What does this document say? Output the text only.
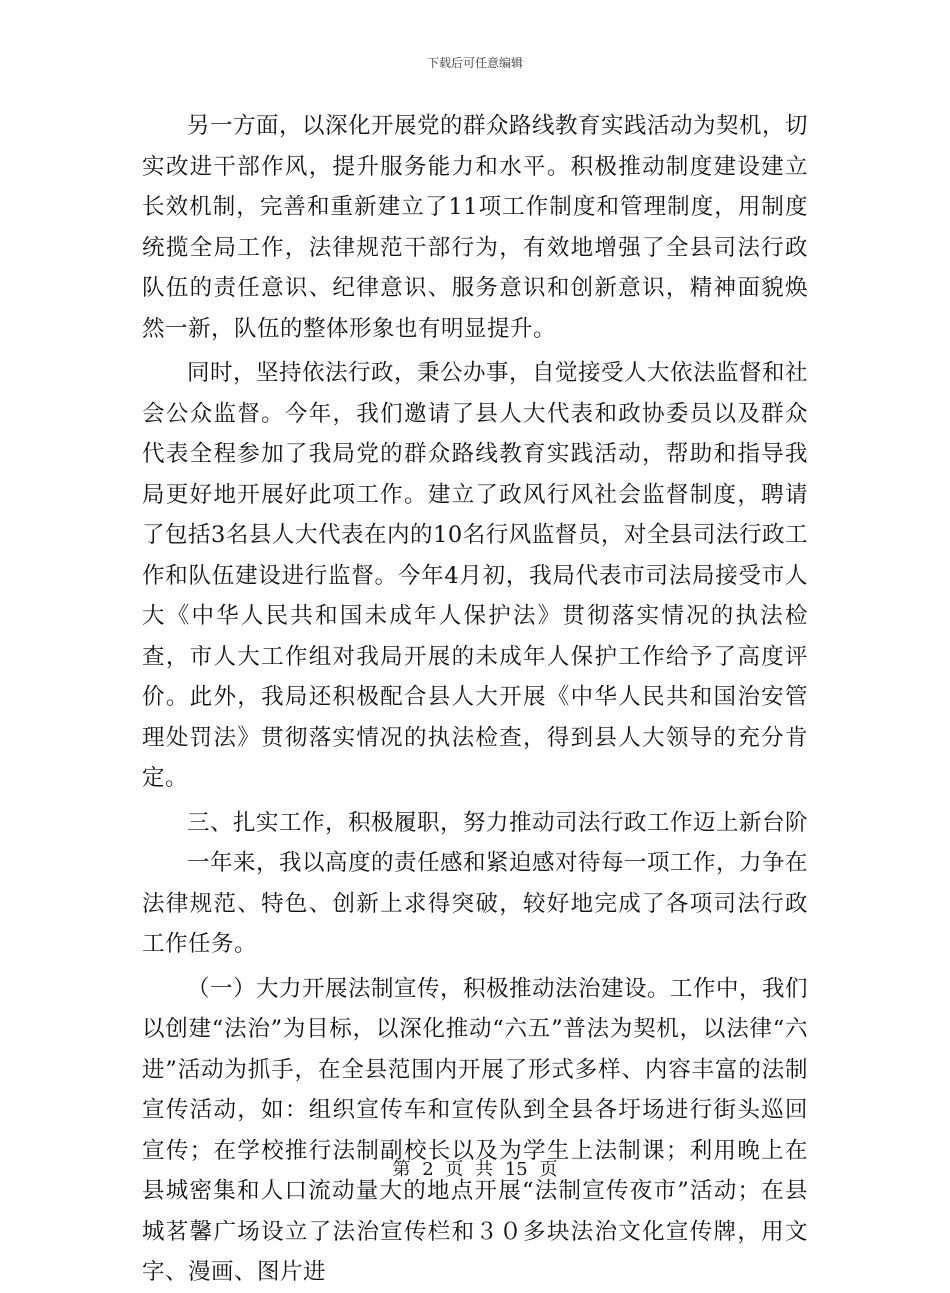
下载后可任意编辑

另一方面，以深化开展党的群众路线教育实践活动为契机，切实改进干部作风，提升服务能力和水平。积极推动制度建设建立长效机制，完善和重新建立了11项工作制度和管理制度，用制度统揽全局工作，法律规范干部行为，有效地增强了全县司法行政队伍的责任意识、纪律意识、服务意识和创新意识，精神面貌焕然一新，队伍的整体形象也有明显提升。

同时，坚持依法行政，秉公办事，自觉接受人大依法监督和社会公众监督。今年，我们邀请了县人大代表和政协委员以及群众代表全程参加了我局党的群众路线教育实践活动，帮助和指导我局更好地开展好此项工作。建立了政风行风社会监督制度，聘请了包括3名县人大代表在内的10名行风监督员，对全县司法行政工作和队伍建设进行监督。今年4月初，我局代表市司法局接受市人大《中华人民共和国未成年人保护法》贯彻落实情况的执法检查，市人大工作组对我局开展的未成年人保护工作给予了高度评价。此外，我局还积极配合县人大开展《中华人民共和国治安管理处罚法》贯彻落实情况的执法检查，得到县人大领导的充分肯定。

三、扎实工作，积极履职，努力推动司法行政工作迈上新台阶

一年来，我以高度的责任感和紧迫感对待每一项工作，力争在法律规范、特色、创新上求得突破，较好地完成了各项司法行政工作任务。

（一）大力开展法制宣传，积极推动法治建设。工作中，我们以创建“法治”为目标，以深化推动“六五”普法为契机，以法律“六进”活动为抓手，在全县范围内开展了形式多样、内容丰富的法制宣传活动，如：组织宣传车和宣传队到全县各圩场进行街头巡回宣传；在学校推行法制副校长以及为学生上法制课；利用晚上在县城密集和人口流动量大的地点开展“法制宣传夜市”活动；在县城茗馨广场设立了法治宣传栏和３０多块法治文化宣传牌，用文字、漫画、图片进

第 2 页 共 15 页
